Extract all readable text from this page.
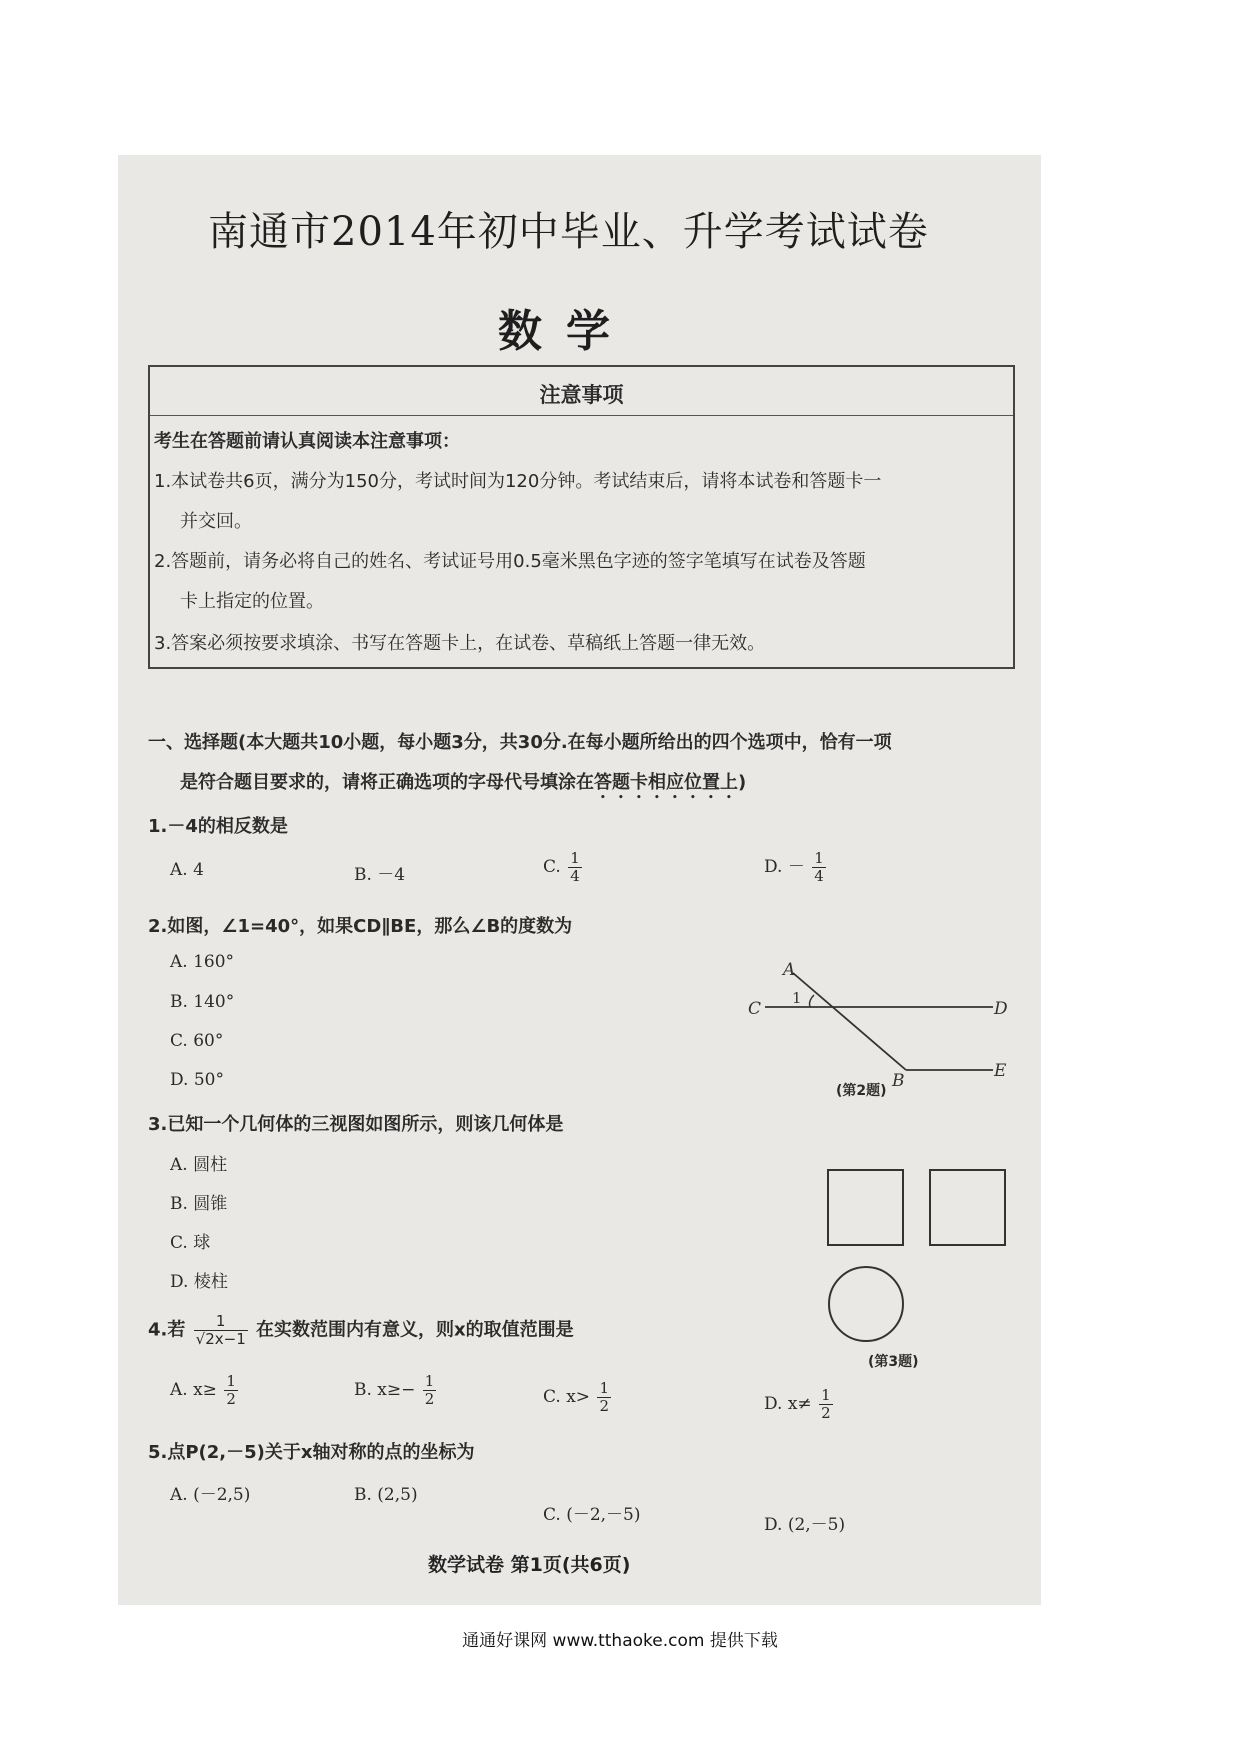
南通市2014年初中毕业、升学考试试卷
数学
注意事项
考生在答题前请认真阅读本注意事项：
1.本试卷共6页，满分为150分，考试时间为120分钟。考试结束后，请将本试卷和答题卡一
并交回。
2.答题前，请务必将自己的姓名、考试证号用0.5毫米黑色字迹的签字笔填写在试卷及答题
卡上指定的位置。
3.答案必须按要求填涂、书写在答题卡上，在试卷、草稿纸上答题一律无效。
一、选择题(本大题共10小题，每小题3分，共30分.在每小题所给出的四个选项中，恰有一项
是符合题目要求的，请将正确选项的字母代号填涂在答题卡相应位置上)
1.－4的相反数是
A. 4	B. －4	C. $\frac{1}{4}$	D. － $\frac{1}{4}$
2.如图，∠1=40°，如果CD∥BE，那么∠B的度数为
A. 160°
B. 140°
C. 60°
D. 50°
A
1
C	D
B	E
(第2题)
3.已知一个几何体的三视图如图所示，则该几何体是
A. 圆柱
B. 圆锥
C. 球
D. 棱柱
(第3题)
4.若 $\frac{1}{√2x-1}$ 在实数范围内有意义，则x的取值范围是
A. $x\ge \frac{1}{2}$	B. $x\ge- \frac{1}{2}$	C. $x> \frac{1}{2}$	D. $x\ne \frac{1}{2}$
5.点P(2,－5)关于x轴对称的点的坐标为
A. (－2,5)	B. (2,5)
C. (－2,－5)	D. (2,－5)
数学试卷 第1页(共6页)
通通好课网 www.tthaoke.com 提供下载
